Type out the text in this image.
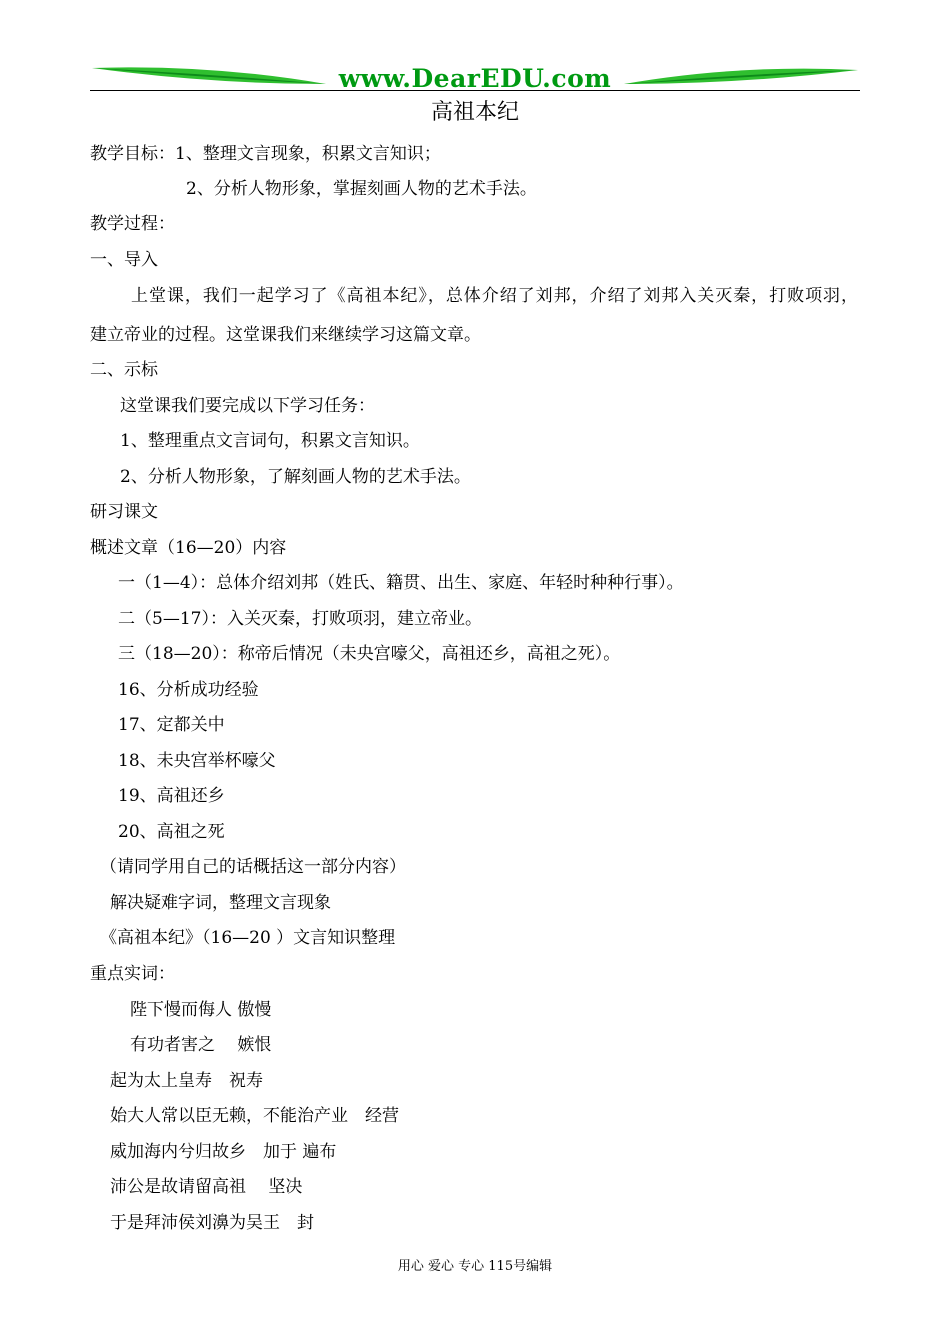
www.DearEDU.com
高祖本纪
教学目标：1、整理文言现象，积累文言知识；
2、分析人物形象，掌握刻画人物的艺术手法。
教学过程：
一、导入
上堂课，我们一起学习了《高祖本纪》，总体介绍了刘邦，介绍了刘邦入关灭秦，打败项羽，
建立帝业的过程。这堂课我们来继续学习这篇文章。
二、示标
这堂课我们要完成以下学习任务：
1、整理重点文言词句，积累文言知识。
2、分析人物形象，了解刻画人物的艺术手法。
研习课文
概述文章（16—20）内容
一（1—4）：总体介绍刘邦（姓氏、籍贯、出生、家庭、年轻时种种行事）。
二（5—17）：入关灭秦，打败项羽，建立帝业。
三（18—20）：称帝后情况（未央宫嚎父，高祖还乡，高祖之死）。
16、分析成功经验
17、定都关中
18、未央宫举杯嚎父
19、高祖还乡
20、高祖之死
（请同学用自己的话概括这一部分内容）
解决疑难字词，整理文言现象
《高祖本纪》（16—20 ）文言知识整理
重点实词：
陛下慢而侮人 傲慢
有功者害之　 嫉恨
起为太上皇寿　祝寿
始大人常以臣无赖，不能治产业　经营
威加海内兮归故乡　加于 遍布
沛公是故请留高祖　 坚决
于是拜沛侯刘濞为吴王　封
用心 爱心 专心 115号编辑
